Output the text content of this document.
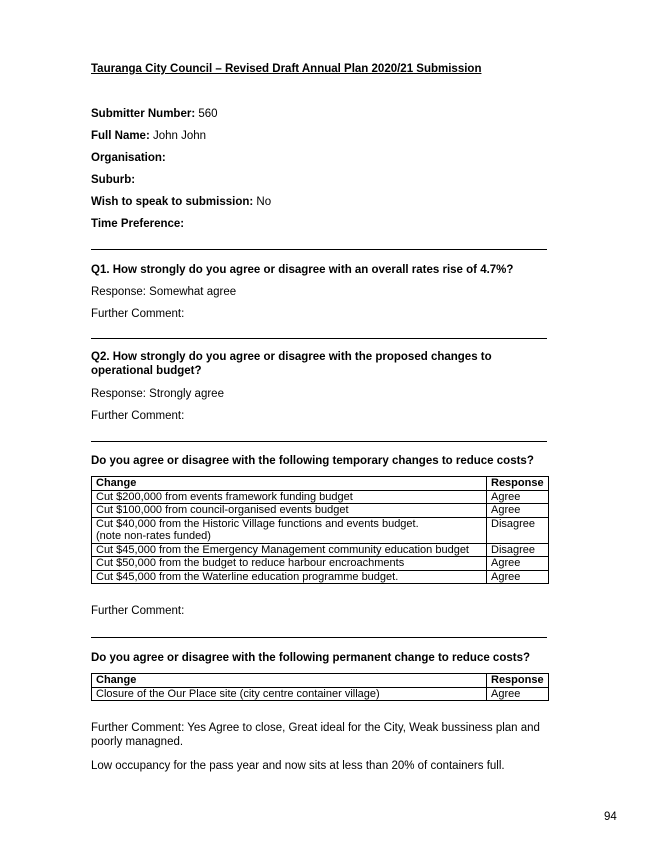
Tauranga City Council – Revised Draft Annual Plan 2020/21 Submission
Submitter Number: 560
Full Name: John John
Organisation:
Suburb:
Wish to speak to submission: No
Time Preference:
Q1. How strongly do you agree or disagree with an overall rates rise of 4.7%?
Response: Somewhat agree
Further Comment:
Q2. How strongly do you agree or disagree with the proposed changes to operational budget?
Response: Strongly agree
Further Comment:
Do you agree or disagree with the following temporary changes to reduce costs?
Change	Response
Cut $200,000 from events framework funding budget	Agree
Cut $100,000 from council-organised events budget	Agree
Cut $40,000 from the Historic Village functions and events budget.
(note non-rates funded)	Disagree
Cut $45,000 from the Emergency Management community education budget	Disagree
Cut $50,000 from the budget to reduce harbour encroachments	Agree
Cut $45,000 from the Waterline education programme budget.	Agree
Further Comment:
Do you agree or disagree with the following permanent change to reduce costs?
Change	Response
Closure of the Our Place site (city centre container village)	Agree
Further Comment: Yes Agree to close, Great ideal for the City, Weak bussiness plan and poorly managned.
Low occupancy for the pass year and now sits at less than 20% of containers full.
94
